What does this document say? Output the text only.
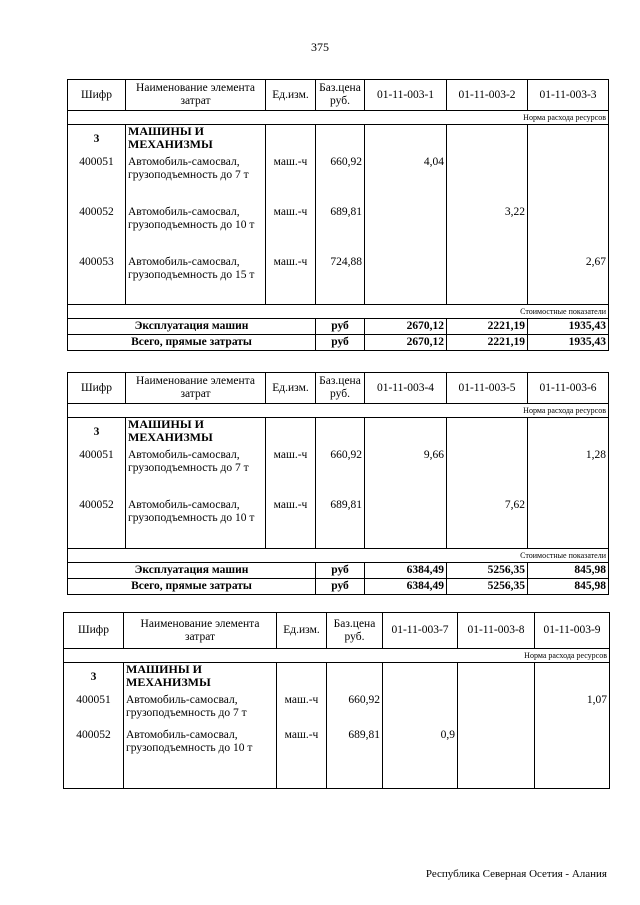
375
Шифр	Наименование элемента затрат	Ед.изм.	Баз.цена руб.	01-11-003-1	01-11-003-2	01-11-003-3
Норма расхода ресурсов						
3	МАШИНЫ И МЕХАНИЗМЫ					
400051	Автомобиль-самосвал, грузоподъемность до 7 т	маш.-ч	660,92	4,04		
400052	Автомобиль-самосвал, грузоподъемность до 10 т	маш.-ч	689,81		3,22	
400053	Автомобиль-самосвал, грузоподъемность до 15 т	маш.-ч	724,88			2,67
Стоимостные показатели						
Эксплуатация машин			руб	2670,12	2221,19	1935,43
Всего, прямые затраты			руб	2670,12	2221,19	1935,43
Шифр	Наименование элемента затрат	Ед.изм.	Баз.цена руб.	01-11-003-4	01-11-003-5	01-11-003-6
Норма расхода ресурсов						
3	МАШИНЫ И МЕХАНИЗМЫ					
400051	Автомобиль-самосвал, грузоподъемность до 7 т	маш.-ч	660,92	9,66		1,28
400052	Автомобиль-самосвал, грузоподъемность до 10 т	маш.-ч	689,81		7,62	
Стоимостные показатели						
Эксплуатация машин			руб	6384,49	5256,35	845,98
Всего, прямые затраты			руб	6384,49	5256,35	845,98
Шифр	Наименование элемента затрат	Ед.изм.	Баз.цена руб.	01-11-003-7	01-11-003-8	01-11-003-9
Норма расхода ресурсов						
3	МАШИНЫ И МЕХАНИЗМЫ					
400051	Автомобиль-самосвал, грузоподъемность до 7 т	маш.-ч	660,92			1,07
400052	Автомобиль-самосвал, грузоподъемность до 10 т	маш.-ч	689,81	0,9		
Республика Северная Осетия - Алания
